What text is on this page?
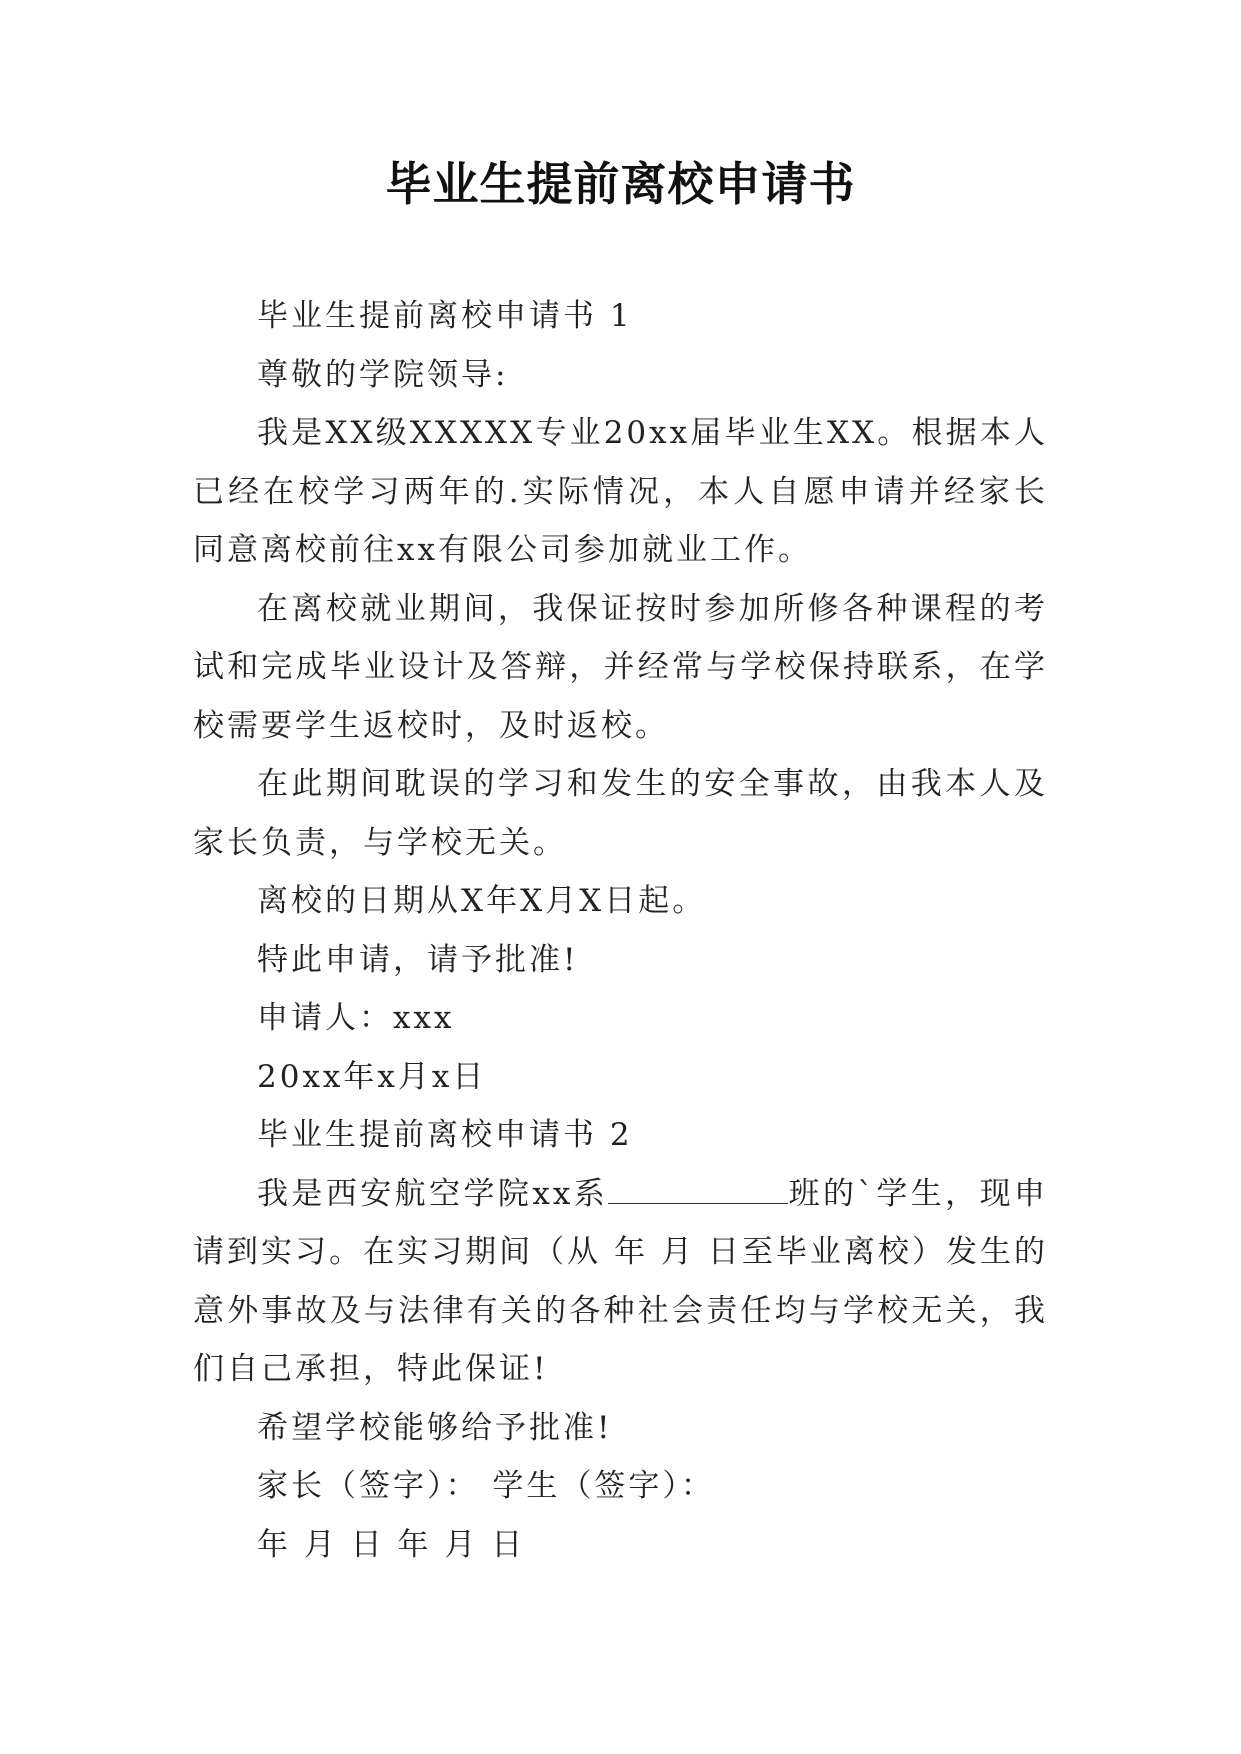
毕业生提前离校申请书

毕业生提前离校申请书 1

尊敬的学院领导:

我是XX级XXXXX专业20xx届毕业生XX。根据本人已经在校学习两年的.实际情况，本人自愿申请并经家长同意离校前往xx有限公司参加就业工作。

在离校就业期间，我保证按时参加所修各种课程的考试和完成毕业设计及答辩，并经常与学校保持联系，在学校需要学生返校时，及时返校。

在此期间耽误的学习和发生的安全事故，由我本人及家长负责，与学校无关。

离校的日期从X年X月X日起。

特此申请，请予批准!

申请人：xxx

20xx年x月x日

毕业生提前离校申请书 2

我是西安航空学院xx系	班的`学生，现申请到实习。在实习期间（从 年 月 日至毕业离校）发生的意外事故及与法律有关的各种社会责任均与学校无关，我们自己承担，特此保证!

希望学校能够给予批准!

家长（签字）： 学生（签字）：

年 月 日 年 月 日
